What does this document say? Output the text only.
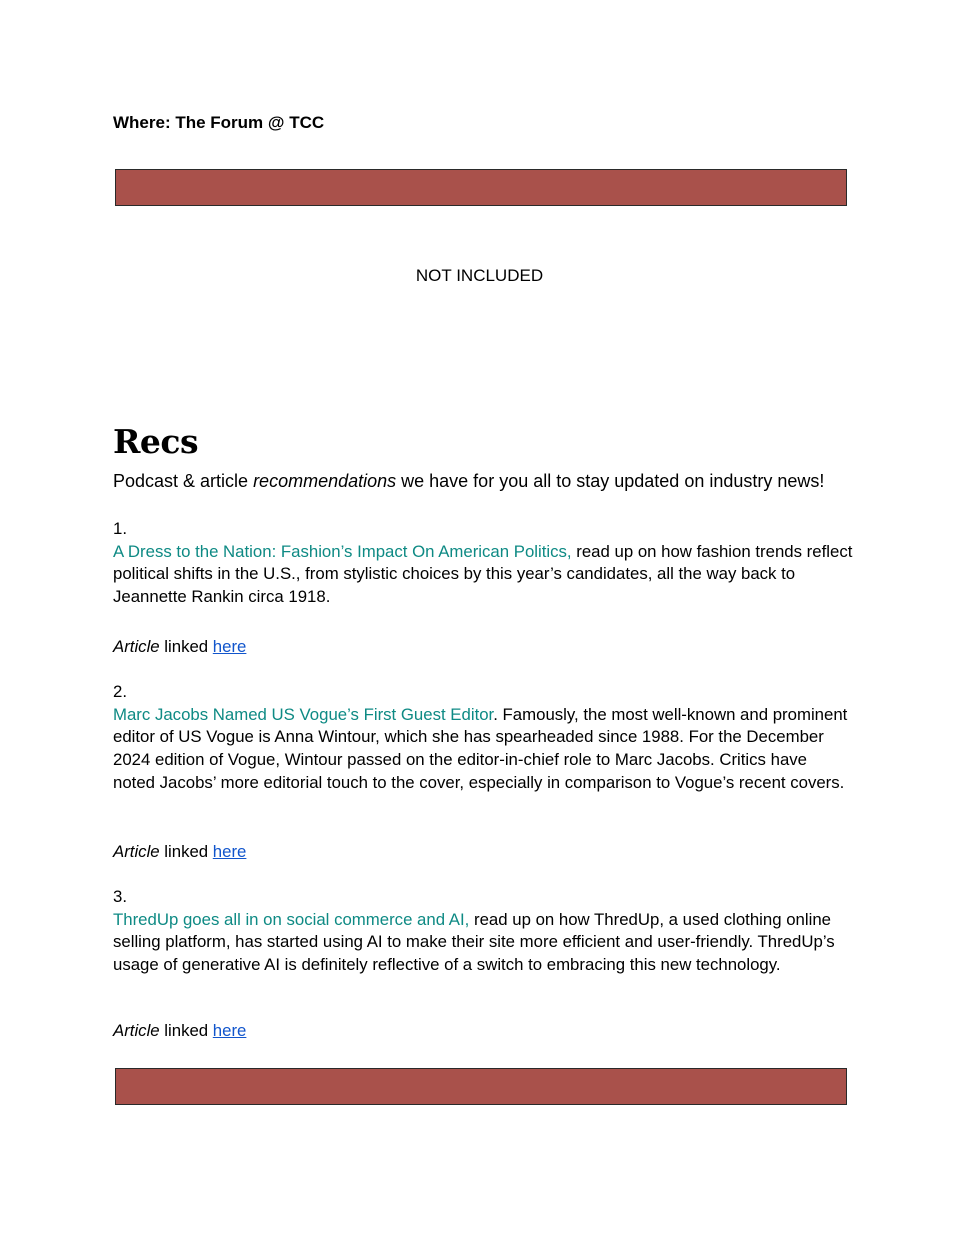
Where: The Forum @ TCC
NOT INCLUDED
Recs
Podcast & article recommendations we have for you all to stay updated on industry news!
1.
A Dress to the Nation: Fashion’s Impact On American Politics, read up on how fashion trends reflect political shifts in the U.S., from stylistic choices by this year’s candidates, all the way back to Jeannette Rankin circa 1918.
Article linked here
2.
Marc Jacobs Named US Vogue’s First Guest Editor. Famously, the most well-known and prominent editor of US Vogue is Anna Wintour, which she has spearheaded since 1988. For the December 2024 edition of Vogue, Wintour passed on the editor-in-chief role to Marc Jacobs. Critics have noted Jacobs’ more editorial touch to the cover, especially in comparison to Vogue’s recent covers.
Article linked here
3.
ThredUp goes all in on social commerce and AI, read up on how ThredUp, a used clothing online selling platform, has started using AI to make their site more efficient and user-friendly. ThredUp’s usage of generative AI is definitely reflective of a switch to embracing this new technology.
Article linked here
